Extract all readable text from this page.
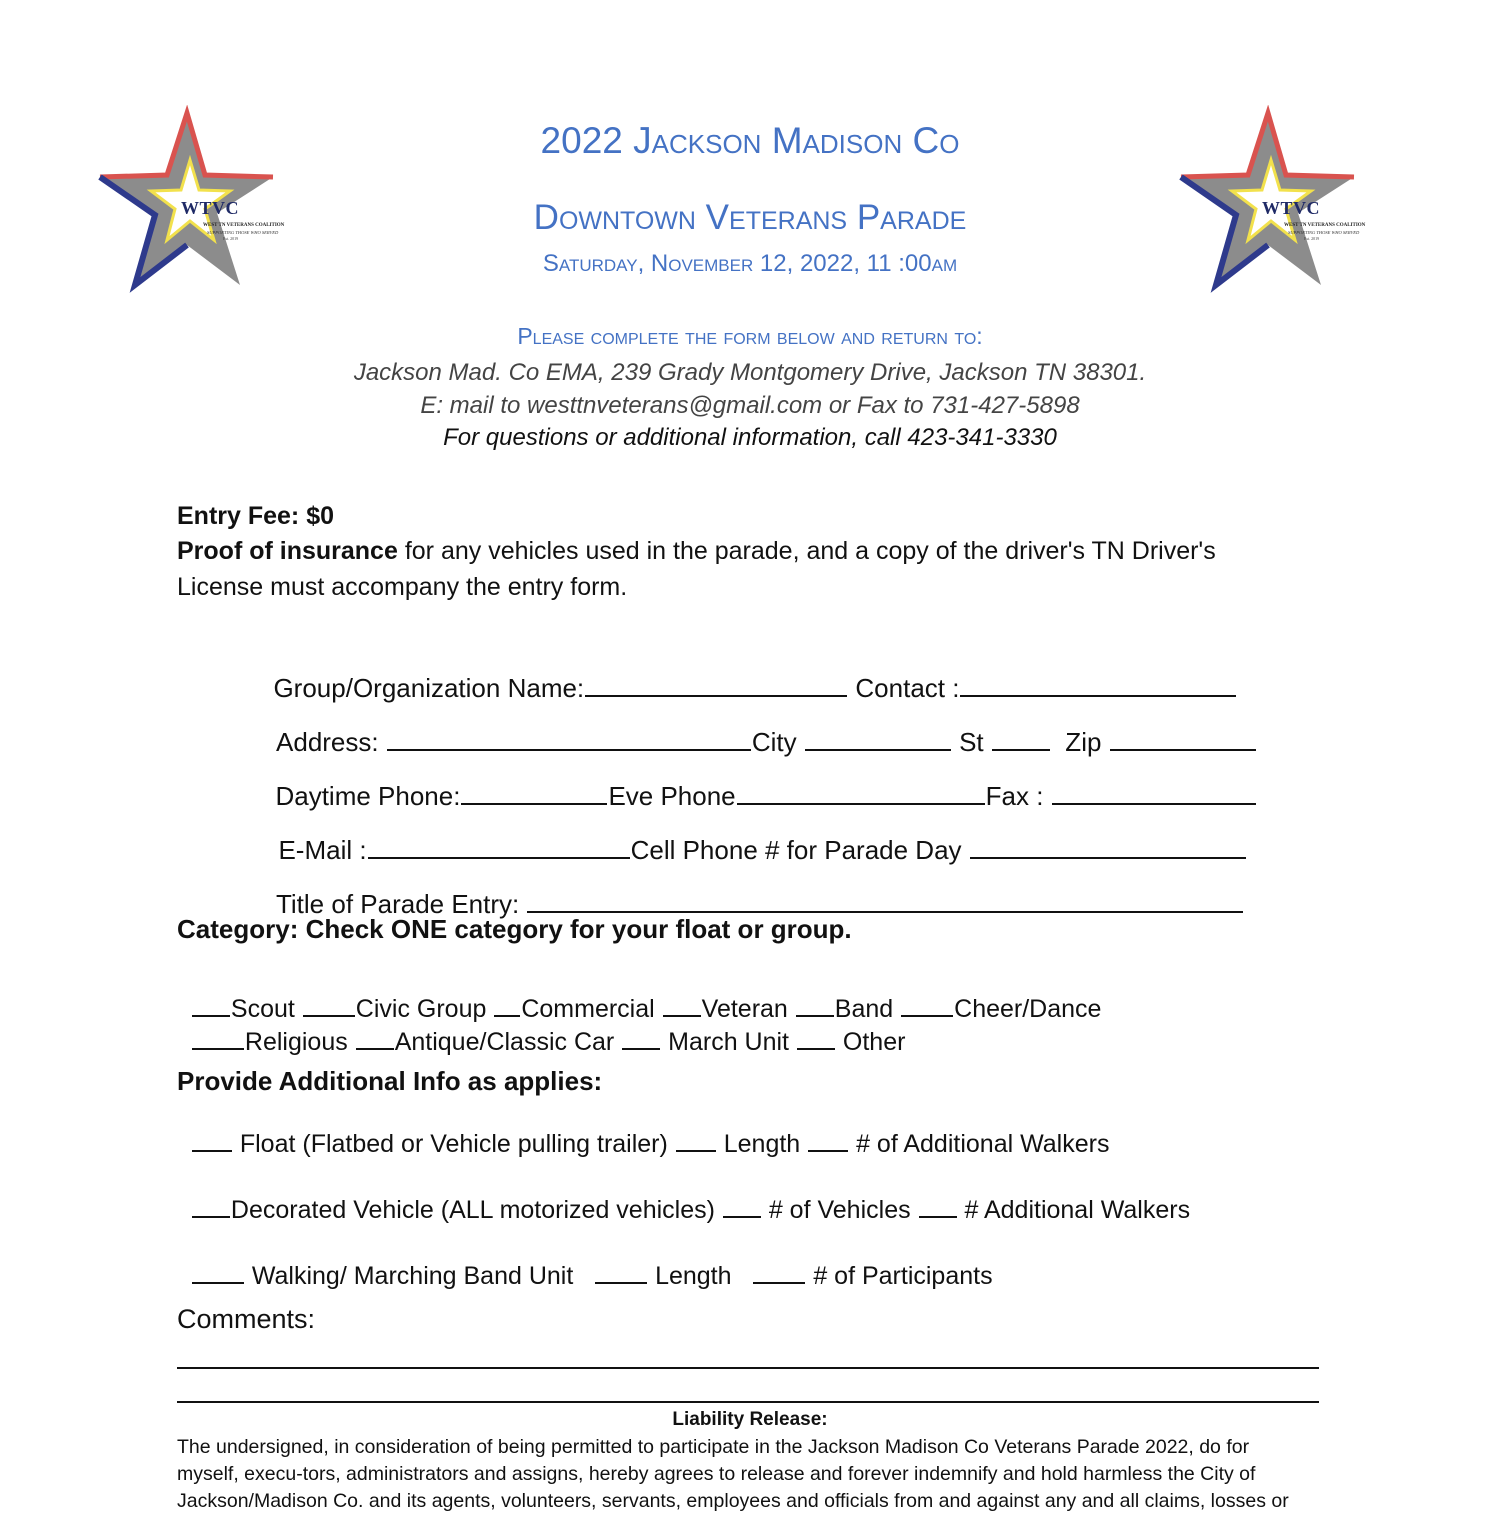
WTVC
WEST TN VETERANS COALITION
SUPPORTING THOSE WHO SERVED
Est. 2019
WTVC
WEST TN VETERANS COALITION
SUPPORTING THOSE WHO SERVED
Est. 2019
2022 Jackson Madison Co
Downtown Veterans Parade
Saturday, November 12, 2022, 11 :00am
Please complete the form below and return to:
Jackson Mad. Co EMA, 239 Grady Montgomery Drive, Jackson TN 38301.
E: mail to westtnveterans@gmail.com or Fax to 731-427-5898
For questions or additional information, call 423-341-3330
Entry Fee: $0
Proof of insurance for any vehicles used in the parade, and a copy of the driver's TN Driver's
License must accompany the entry form.

Group/Organization Name:	Contact :

Address:	City	St   Zip

Daytime Phone:	Eve Phone	Fax :

E-Mail :	Cell Phone # for Parade Day

Title of Parade Entry:

Category: Check ONE category for your float or group.

Scout Civic Group Commercial Veteran Band Cheer/Dance

Religious Antique/Classic Car  March Unit  Other

Provide Additional Info as applies:

Float (Flatbed or Vehicle pulling trailer)  Length  # of Additional Walkers

Decorated Vehicle (ALL motorized vehicles)  # of Vehicles  # Additional Walkers

Walking/ Marching Band Unit    Length    # of Participants

Comments:
Liability Release:
The undersigned, in consideration of being permitted to participate in the Jackson Madison Co Veterans Parade 2022, do for
myself, execu-tors, administrators and assigns, hereby agrees to release and forever indemnify and hold harmless the City of
Jackson/Madison Co. and its agents, volunteers, servants, employees and officials from and against any and all claims, losses or
